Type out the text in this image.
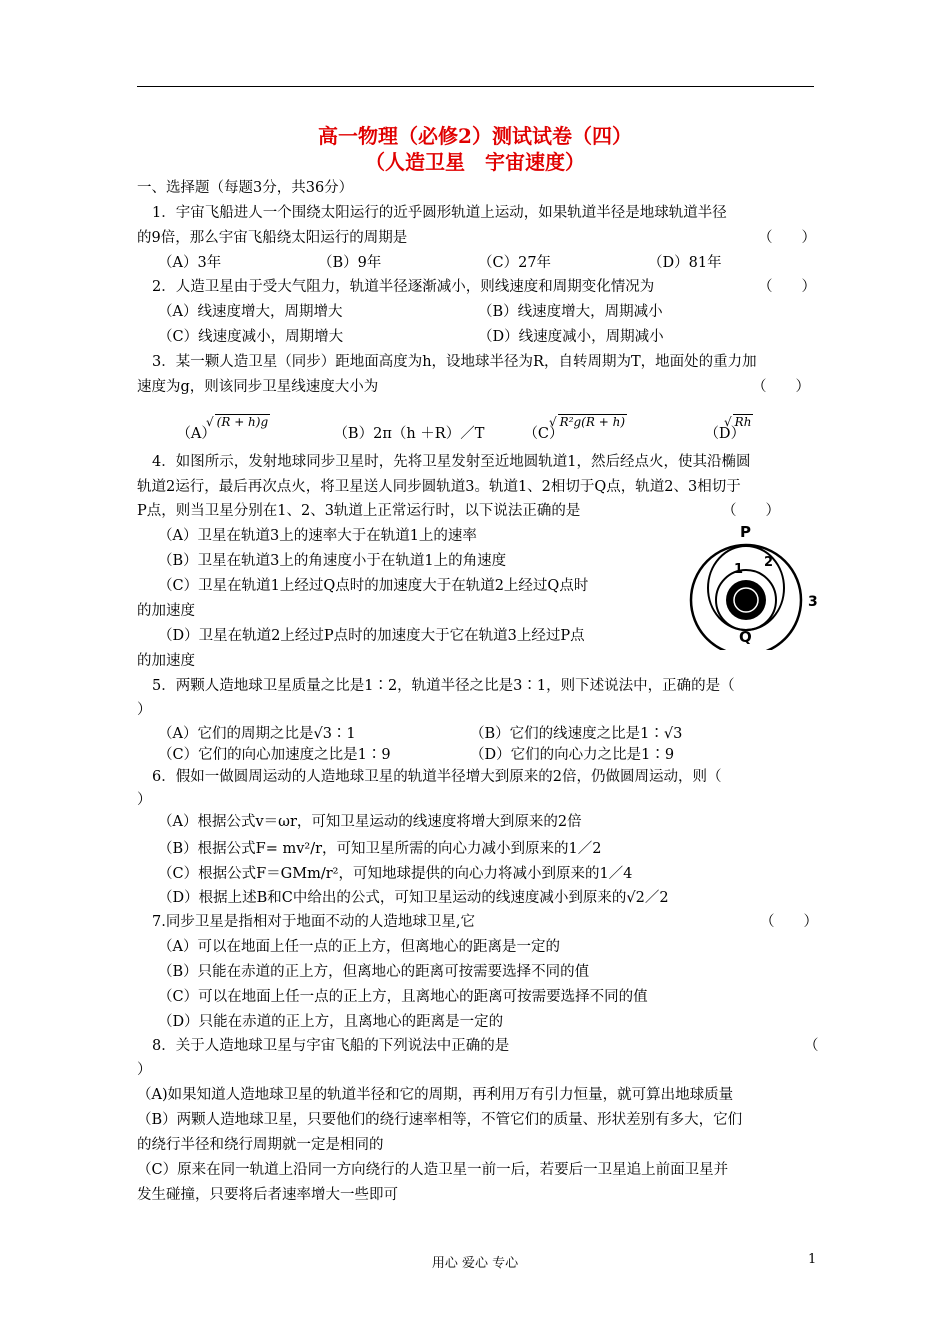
高一物理（必修2）测试试卷（四）
（人造卫星　宇宙速度）
一、选择题（每题3分，共36分）
1．宇宙飞船进人一个围绕太阳运行的近乎圆形轨道上运动，如果轨道半径是地球轨道半径
的9倍，那么宇宙飞船绕太阳运行的周期是	（　　）
（A）3年	（B）9年	（C）27年	（D）81年
2．人造卫星由于受大气阻力，轨道半径逐渐减小，则线速度和周期变化情况为	（　　）
（A）线速度增大，周期增大	（B）线速度增大，周期减小
（C）线速度减小，周期增大	（D）线速度减小，周期减小
3．某一颗人造卫星（同步）距地面高度为h，设地球半径为R，自转周期为T，地面处的重力加
速度为g，则该同步卫星线速度大小为	（　　）

（A）

√ (R + h)g

（B）2π（h ＋R）／T
	（C）

√ R²g(R + h)

（D）

√ Rh

4．如图所示，发射地球同步卫星时，先将卫星发射至近地圆轨道1，然后经点火，使其沿椭圆
轨道2运行，最后再次点火，将卫星送人同步圆轨道3。轨道1、2相切于Q点，轨道2、3相切于
P点，则当卫星分别在1、2、3轨道上正常运行时，以下说法正确的是	（　　）
（A）卫星在轨道3上的速率大于在轨道1上的速率
（B）卫星在轨道3上的角速度小于在轨道1上的角速度
（C）卫星在轨道1上经过Q点时的加速度大于在轨道2上经过Q点时
的加速度
（D）卫星在轨道2上经过P点时的加速度大于它在轨道3上经过P点
的加速度
P
Q
1 2
3
5．两颗人造地球卫星质量之比是1∶2，轨道半径之比是3∶1，则下述说法中，正确的是（
）
（A）它们的周期之比是√3∶1	（B）它们的线速度之比是1∶√3
（C）它们的向心加速度之比是1∶9	（D）它们的向心力之比是1∶9
6．假如一做圆周运动的人造地球卫星的轨道半径增大到原来的2倍，仍做圆周运动，则（
）
（A）根据公式v＝ωr，可知卫星运动的线速度将增大到原来的2倍
（B）根据公式F= mv²/r，可知卫星所需的向心力减小到原来的1／2
（C）根据公式F＝GMm/r²，可知地球提供的向心力将减小到原来的1／4
（D）根据上述B和C中给出的公式，可知卫星运动的线速度减小到原来的√2／2
7.同步卫星是指相对于地面不动的人造地球卫星,它	（　　）
（A）可以在地面上任一点的正上方，但离地心的距离是一定的
（B）只能在赤道的正上方，但离地心的距离可按需要选择不同的值
（C）可以在地面上任一点的正上方，且离地心的距离可按需要选择不同的值
（D）只能在赤道的正上方，且离地心的距离是一定的
8．关于人造地球卫星与宇宙飞船的下列说法中正确的是	（
）
（A)如果知道人造地球卫星的轨道半径和它的周期，再利用万有引力恒量，就可算出地球质量
（B）两颗人造地球卫星，只要他们的绕行速率相等，不管它们的质量、形状差别有多大，它们
的绕行半径和绕行周期就一定是相同的
（C）原来在同一轨道上沿同一方向绕行的人造卫星一前一后，若要后一卫星追上前面卫星并
发生碰撞，只要将后者速率增大一些即可
用心 爱心 专心	1
